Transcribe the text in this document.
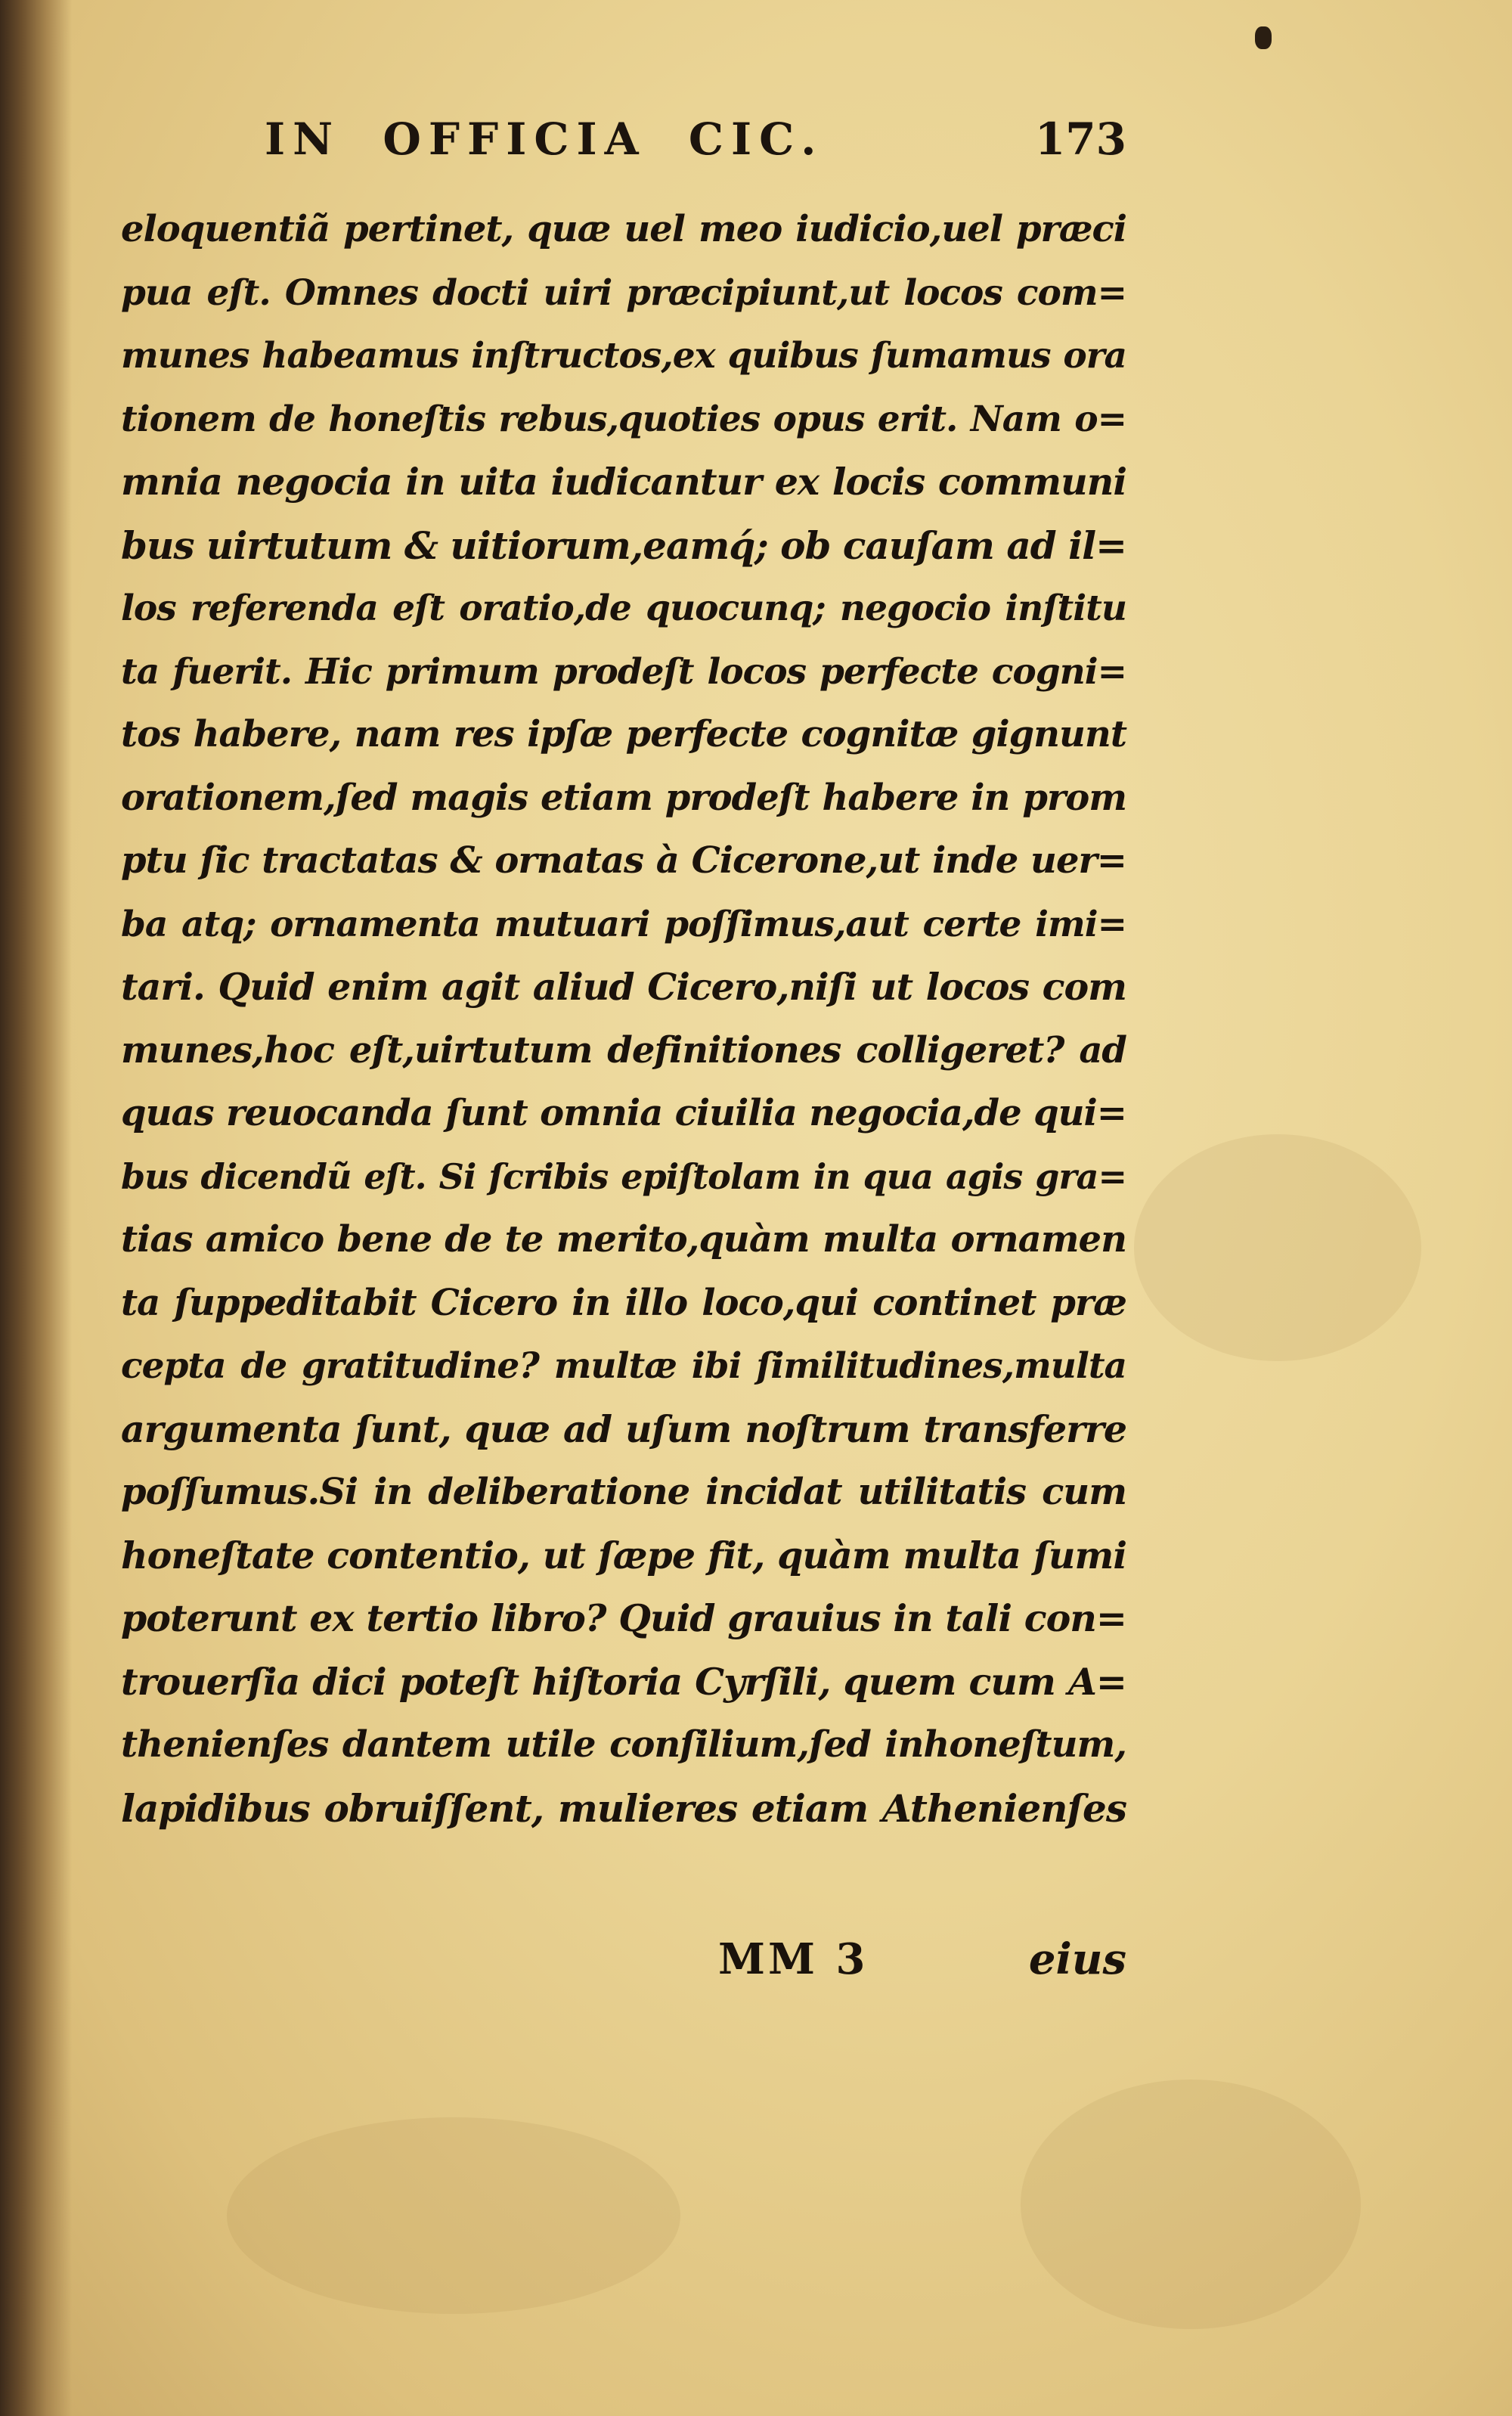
IN OFFICIA CIC.	173
eloquentiã pertinet, quæ uel meo iudicio,uel præci
pua eſt. Omnes docti uiri præcipiunt,ut locos com=
munes habeamus inſtructos,ex quibus ſumamus ora
tionem de honeſtis rebus,quoties opus erit. Nam o=
mnia negocia in uita iudicantur ex locis communi
bus uirtutum & uitiorum,eamq́; ob cauſam ad il=
los referenda eſt oratio,de quocunq; negocio inſtitu
ta fuerit. Hic primum prodeſt locos perfecte cogni=
tos habere, nam res ipſæ perfecte cognitæ gignunt
orationem,ſed magis etiam prodeſt habere in prom
ptu ſic tractatas & ornatas à Cicerone,ut inde uer=
ba atq; ornamenta mutuari poſſimus,aut certe imi=
tari. Quid enim agit aliud Cicero,niſi ut locos com
munes,hoc eſt,uirtutum definitiones colligeret? ad
quas reuocanda ſunt omnia ciuilia negocia,de qui=
bus dicendũ eſt. Si ſcribis epiſtolam in qua agis gra=
tias amico bene de te merito,quàm multa ornamen
ta ſuppeditabit Cicero in illo loco,qui continet præ
cepta de gratitudine? multæ ibi ſimilitudines,multa
argumenta ſunt, quæ ad uſum noſtrum transferre
poſſumus.Si in deliberatione incidat utilitatis cum
honeſtate contentio, ut ſæpe fit, quàm multa ſumi
poterunt ex tertio libro? Quid grauius in tali con=
trouerſia dici poteſt hiſtoria Cyrſili, quem cum A=
thenienſes dantem utile conſilium,ſed inhoneſtum,
lapidibus obruiſſent, mulieres etiam Athenienſes
MM 3	eius
